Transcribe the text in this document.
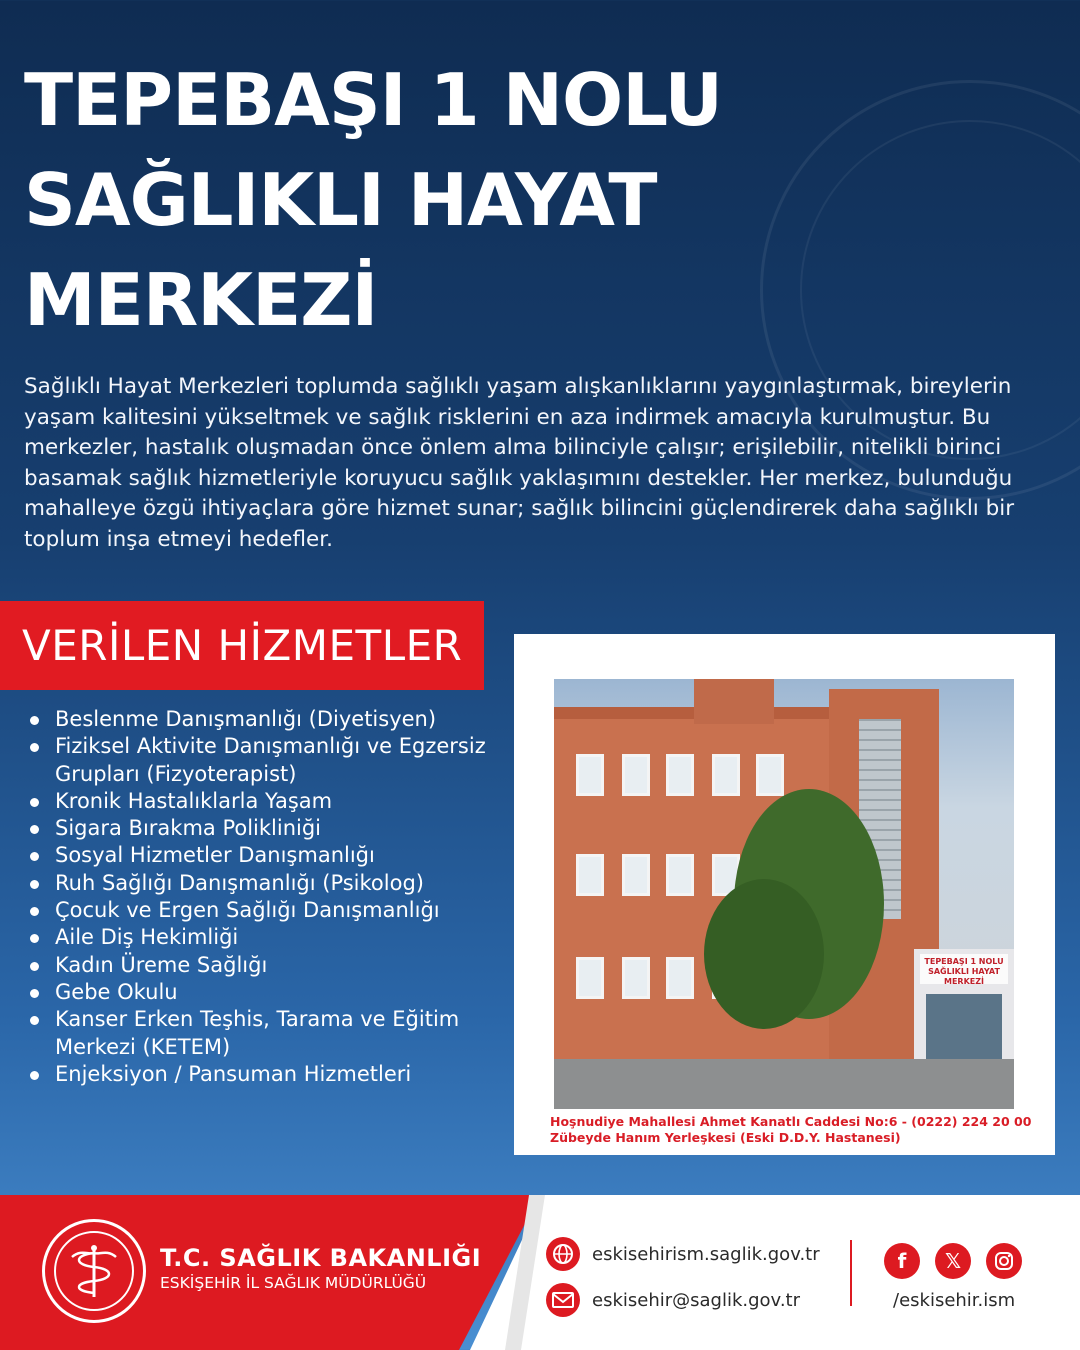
TEPEBAŞI 1 NOLU
SAĞLIKLI HAYAT
MERKEZİ

Sağlıklı Hayat Merkezleri toplumda sağlıklı yaşam alışkanlıklarını yaygınlaştırmak, bireylerin yaşam kalitesini yükseltmek ve sağlık risklerini en aza indirmek amacıyla kurulmuştur. Bu merkezler, hastalık oluşmadan önce önlem alma bilinciyle çalışır; erişilebilir, nitelikli birinci basamak sağlık hizmetleriyle koruyucu sağlık yaklaşımını destekler. Her merkez, bulunduğu mahalleye özgü ihtiyaçlara göre hizmet sunar; sağlık bilincini güçlendirerek daha sağlıklı bir toplum inşa etmeyi hedefler.

VERİLEN HİZMETLER
Beslenme Danışmanlığı (Diyetisyen)
Fiziksel Aktivite Danışmanlığı ve Egzersiz Grupları (Fizyoterapist)
Kronik Hastalıklarla Yaşam
Sigara Bırakma Polikliniği
Sosyal Hizmetler Danışmanlığı
Ruh Sağlığı Danışmanlığı (Psikolog)
Çocuk ve Ergen Sağlığı Danışmanlığı
Aile Diş Hekimliği
Kadın Üreme Sağlığı
Gebe Okulu
Kanser Erken Teşhis, Tarama ve Eğitim Merkezi (KETEM)
Enjeksiyon / Pansuman Hizmetleri
TEPEBAŞI 1 NOLU SAĞLIKLI HAYAT MERKEZİ
Hoşnudiye Mahallesi Ahmet Kanatlı Caddesi No:6 - (0222) 224 20 00
Zübeyde Hanım Yerleşkesi (Eski D.D.Y. Hastanesi)
T.C. SAĞLIK BAKANLIĞI
ESKİŞEHİR İL SAĞLIK MÜDÜRLÜĞÜ
eskisehirism.saglik.gov.tr
eskisehir@saglik.gov.tr
f	𝕏
/eskisehir.ism
